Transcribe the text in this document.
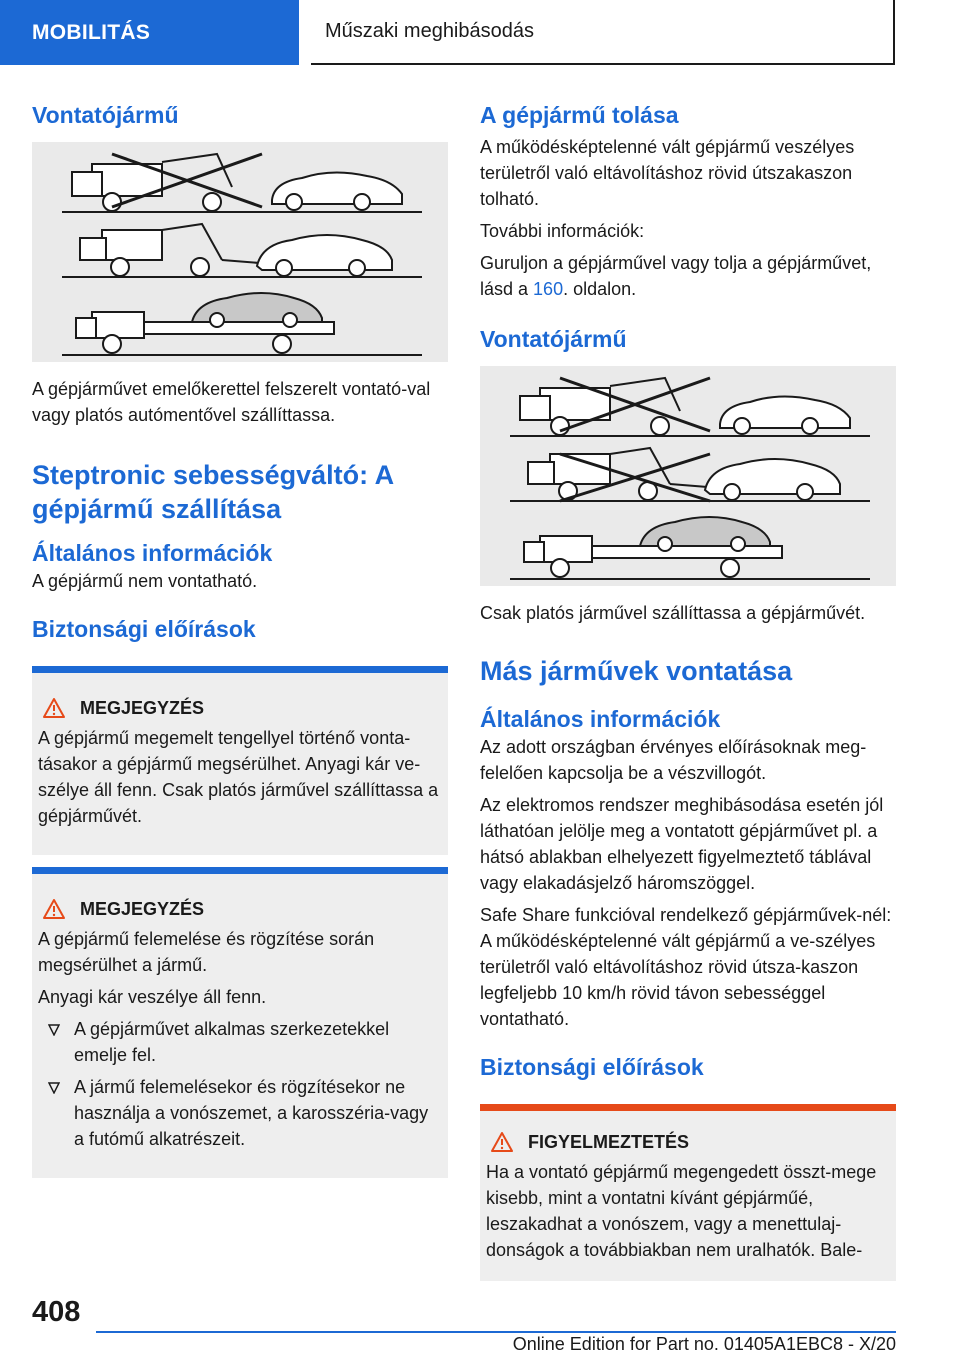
MOBILITÁS	Műszaki meghibásodás
Vontatójármű

A gépjárművet emelőkerettel felszerelt vontató-val vagy platós autómentővel szállíttassa.

Steptronic sebességváltó: A gépjármű szállítása
Általános információk

A gépjármű nem vontatható.

Biztonsági előírások
MEGJEGYZÉS

A gépjármű megemelt tengellyel történő vonta-tásakor a gépjármű megsérülhet. Anyagi kár ve-szélye áll fenn. Csak platós járművel szállíttassa a gépjárművét.

MEGJEGYZÉS

A gépjármű felemelése és rögzítése során megsérülhet a jármű.

Anyagi kár veszélye áll fenn.

A gépjárművet alkalmas szerkezetekkel emelje fel.
A jármű felemelésekor és rögzítésekor ne használja a vonószemet, a karosszéria-vagy a futómű alkatrészeit.
A gépjármű tolása

A működésképtelenné vált gépjármű veszélyes területről való eltávolításhoz rövid útszakaszon tolható.

További információk:

Guruljon a gépjárművel vagy tolja a gépjárművet, lásd a 160. oldalon.

Vontatójármű

Csak platós járművel szállíttassa a gépjárművét.

Más járművek vontatása
Általános információk

Az adott országban érvényes előírásoknak meg-felelően kapcsolja be a vészvillogót.

Az elektromos rendszer meghibásodása esetén jól láthatóan jelölje meg a vontatott gépjárművet pl. a hátsó ablakban elhelyezett figyelmeztető táblával vagy elakadásjelző háromszöggel.

Safe Share funkcióval rendelkező gépjárművek-nél: A működésképtelenné vált gépjármű a ve-szélyes területről való eltávolításhoz rövid útsza-kaszon legfeljebb 10 km/h rövid távon sebességgel vontatható.

Biztonsági előírások
FIGYELMEZTETÉS

Ha a vontató gépjármű megengedett összt-mege kisebb, mint a vontatni kívánt gépjárműé, leszakadhat a vonószem, vagy a menettulaj-donságok a továbbiakban nem uralhatók. Bale-

408
Online Edition for Part no. 01405A1EBC8 - X/20
